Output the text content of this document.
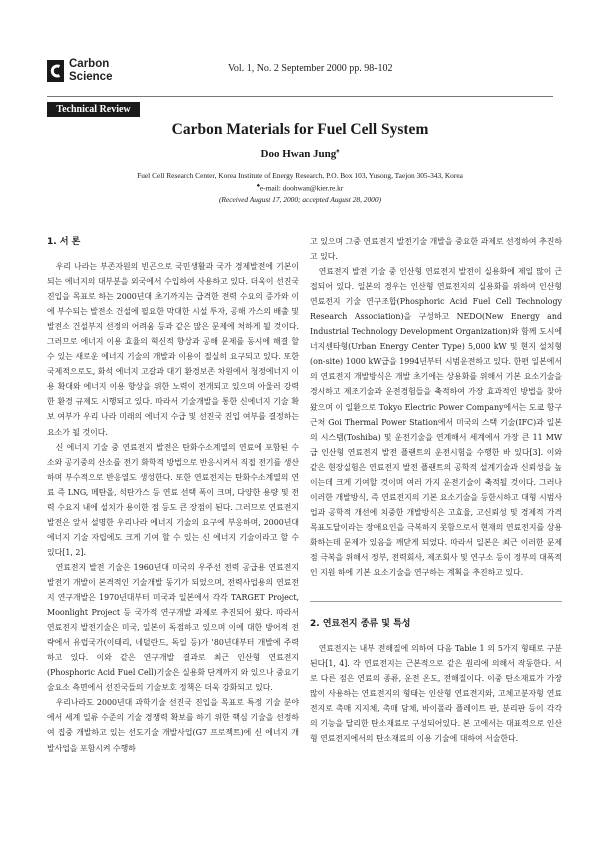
Carbon
Science
Vol. 1, No. 2 September 2000 pp. 98-102
Technical Review
Carbon Materials for Fuel Cell System
Doo Hwan Jung♠
Fuel Cell Research Center, Korea Institute of Energy Research, P.O. Box 103, Yusong, Taejon 305-343, Korea
♠e-mail: doohwan@kier.re.kr
(Received August 17, 2000; accepted August 28, 2000)
1. 서 론

우리 나라는 부존자원의 빈곤으로 국민생활과 국가 경제발전에 기본이 되는 에너지의 대부분을 외국에서 수입하여 사용하고 있다. 더욱이 선진국 진입을 목표로 하는 2000년대 초기까지는 급격한 전력 수요의 증가와 이에 부수되는 발전소 건설에 필요한 막대한 시설 투자, 공해 가스의 배출 및 발전소 건설부지 선정의 어려움 등과 같은 많은 문제에 처하게 될 것이다. 그러므로 에너지 이용 효율의 혁신적 향상과 공해 문제를 동시에 해결 할 수 있는 새로운 에너지 기술의 개발과 이용이 절실히 요구되고 있다. 또한 국제적으로도, 화석 에너지 고갈과 대기 환경보존 차원에서 청정에너지 이용 확대와 에너지 이용 향상을 위한 노력이 전개되고 있으며 아울러 강력한 환경 규제도 시행되고 있다. 따라서 기술개발을 통한 신에너지 기술 확보 여부가 우리 나라 미래의 에너지 수급 및 선진국 진입 여부를 결정하는 요소가 될 것이다.

신 에너지 기술 중 연료전지 발전은 탄화수소계열의 연료에 포함된 수소와 공기중의 산소를 전기 화학적 방법으로 반응시켜서 직접 전기를 생산하며 부수적으로 반응열도 생성한다. 또한 연료전지는 탄화수소계열의 연료 즉 LNG, 메탄올, 석탄가스 등 연료 선택 폭이 크며, 다양한 용량 및 전력 수요지 내에 설치가 용이한 점 등도 큰 장점이 된다. 그러므로 연료전지 발전은 앞서 설명한 우리나라 에너지 기술의 요구에 부응하며, 2000년대 에너지 기술 자립에도 크게 기여 할 수 있는 신 에너지 기술이라고 할 수 있다[1, 2].

연료전지 발전 기술은 1960년대 미국의 우주선 전력 공급용 연료전지 발전기 개발이 본격적인 기술개발 동기가 되었으며, 전력사업용의 연료전지 연구개발은 1970년대부터 미국과 일본에서 각각 TARGET Project, Moonlight Project 등 국가적 연구개발 과제로 추진되어 왔다. 따라서 연료전지 발전기술은 미국, 일본이 독점하고 있으며 이에 대한 방어적 전략에서 유럽국가(이태리, 네덜란드, 독일 등)가 '80년대부터 개발에 주력하고 있다. 이와 같은 연구개발 결과로 최근 인산형 연료전지(Phosphoric Acid Fuel Cell)기술은 실용화 단계까지 와 있으나 중요기술요소 측면에서 선진국들의 기술보호 정책은 더욱 강화되고 있다.

우리나라도 2000년대 과학기술 선진국 진입을 목표로 특정 기술 분야에서 세계 일류 수준의 기술 경쟁력 확보를 하기 위한 핵심 기술을 선정하여 집중 개발하고 있는 선도기술 개발사업(G7 프로젝트)에 신 에너지 개발사업을 포함시켜 수행하

고 있으며 그중 연료전지 발전기술 개발을 중요한 과제로 선정하여 추진하고 있다.

연료전지 발전 기술 중 인산형 연료전지 발전이 실용화에 제일 많이 근접되어 있다. 일본의 경우는 인산형 연료전지의 실용화를 위하여 인산형 연료전지 기술 연구조합(Phosphoric Acid Fuel Cell Technology Research Association)을 구성하고 NEDO(New Energy and Industrial Technology Development Organization)와 함께 도시에너지센타형(Urban Energy Center Type) 5,000 kW 및 현지 설치형(on-site) 1000 kW급을 1994년부터 시범운전하고 있다. 한편 일본에서의 연료전지 개발방식은 개발 초기에는 상용화를 위해서 기본 요소기술을 경시하고 제조기술과 운전경험들을 축적하여 가장 효과적인 방법을 찾아왔으며 이 일환으로 Tokyo Electric Power Company에서는 도쿄 항구 근처 Goi Thermal Power Station에서 미국의 스택 기술(IFC)과 일본의 시스템(Toshiba) 및 운전기술을 연계해서 세계에서 가장 큰 11 MW급 인산형 연료전지 발전 플랜트의 운전시험을 수행한 바 있다[3]. 이와 같은 현장실험은 연료전지 발전 플랜트의 공학적 설계기술과 신뢰성을 높이는데 크게 기여할 것이며 여러 가지 운전기술이 축적될 것이다. 그러나 이러한 개발방식, 즉 연료전지의 기본 요소기술을 등한시하고 대형 시범사업과 공학적 개선에 치중한 개발방식은 고효율, 고신뢰성 및 경제적 가격 목표도달이라는 장애요인을 극복하지 못함으로서 현재의 연료전지를 상용화하는데 문제가 있음을 깨닫게 되었다. 따라서 일본은 최근 이러한 문제점 극복을 위해서 정부, 전력회사, 제조회사 및 연구소 등이 정부의 대폭적인 지원 하에 기본 요소기술을 연구하는 계획을 추진하고 있다.

2. 연료전지 종류 및 특성

연료전지는 내부 전해질에 의하여 다음 Table 1 의 5가지 형태로 구분된다[1, 4]. 각 연료전지는 근본적으로 같은 원리에 의해서 작동한다. 서로 다른 점은 연료의 종류, 운전 온도, 전해질이다. 이중 탄소재료가 가장 많이 사용하는 연료전지의 형태는 인산형 연료전지와, 고체고분자형 연료전지로 촉매 지지체, 촉매 담체, 바이폴라 플레이트 판, 분리판 등이 각각의 기능을 달리한 탄소재료로 구성되어있다. 본 고에서는 대표적으로 인산형 연료전지에서의 탄소재료의 이용 기술에 대하여 서술한다.
